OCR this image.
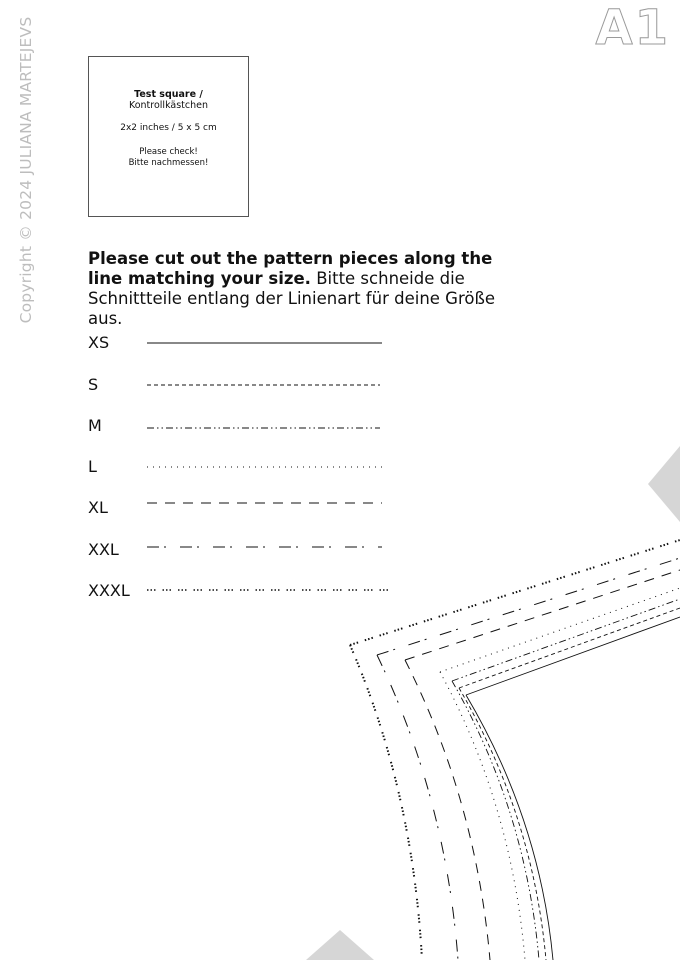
Copyright © 2024 JULIANA MARTEJEVS	A1
Test square /
Kontrollkästchen
2x2 inches / 5 x 5 cm
Please check!
Bitte nachmessen!
Please cut out the pattern pieces along the line matching your size. Bitte schneide die Schnittteile entlang der Linienart für deine Größe aus.
XS
S
M
L
XL
XXL
XXXL
